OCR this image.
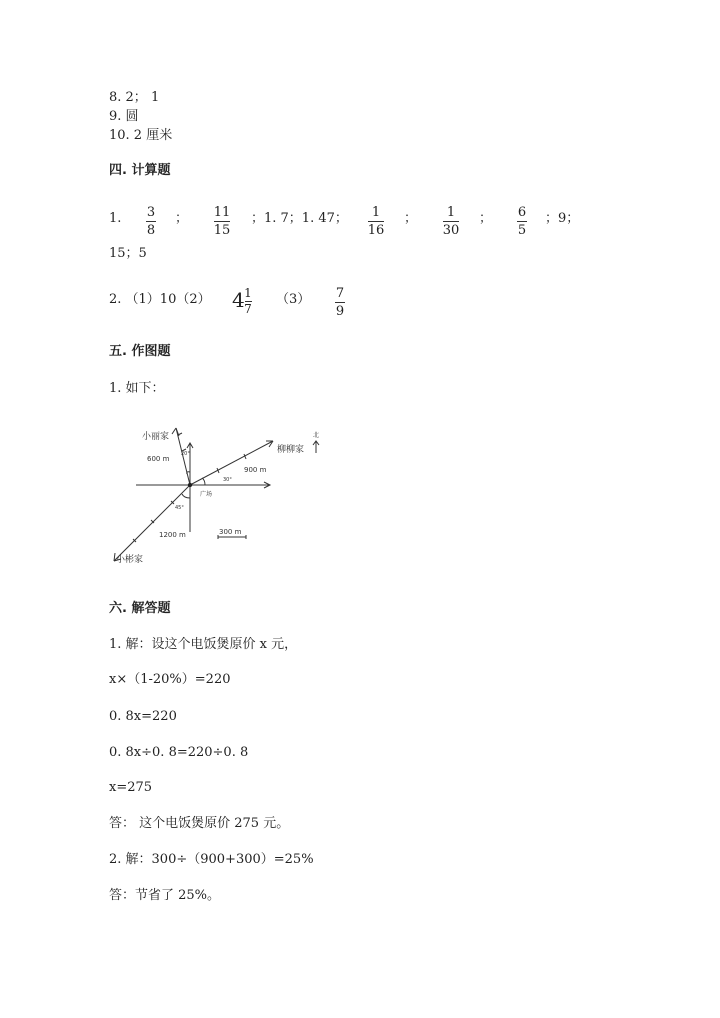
8. 2； 1
9. 圆
10. 2 厘米
四. 计算题
1.	3
8
；	11
15
；1. 7；1. 47；	1
16
；	1
30
；	6
5
；9；
15；5
2. （1）10（2） 4 1
7
（3）	7
9
五. 作图题
1. 如下：
小丽家
柳柳家
小彬家
北
广场
600 m
900 m
1200 m	300 m
20°
30°
45°
六. 解答题
1. 解：设这个电饭煲原价 x 元，
x×（1-20%）=220
0. 8x=220
0. 8x÷0. 8=220÷0. 8
x=275
答： 这个电饭煲原价 275 元。
2. 解：300÷（900+300）=25%
答：节省了 25%。
